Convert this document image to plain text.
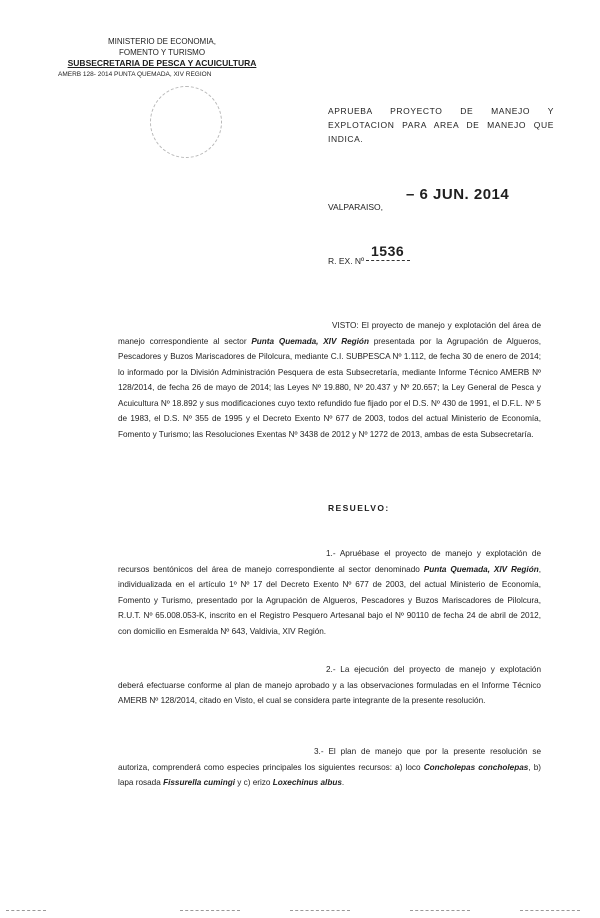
MINISTERIO DE ECONOMIA,
FOMENTO Y TURISMO
SUBSECRETARIA DE PESCA Y ACUICULTURA
AMERB 128- 2014 PUNTA QUEMADA, XIV REGION
APRUEBA PROYECTO DE MANEJO Y EXPLOTACION PARA AREA DE MANEJO QUE INDICA.
– 6 JUN. 2014
VALPARAISO,
1536
R. EX. Nº
VISTO: El proyecto de manejo y explotación del área de manejo correspondiente al sector Punta Quemada, XIV Región presentada por la Agrupación de Algueros, Pescadores y Buzos Mariscadores de Pilolcura, mediante C.I. SUBPESCA Nº 1.112, de fecha 30 de enero de 2014; lo informado por la División Administración Pesquera de esta Subsecretaría, mediante Informe Técnico AMERB Nº 128/2014, de fecha 26 de mayo de 2014; las Leyes Nº 19.880, Nº 20.437 y Nº 20.657; la Ley General de Pesca y Acuicultura Nº 18.892 y sus modificaciones cuyo texto refundido fue fijado por el D.S. Nº 430 de 1991, el D.F.L. Nº 5 de 1983, el D.S. Nº 355 de 1995 y el Decreto Exento Nº 677 de 2003, todos del actual Ministerio de Economía, Fomento y Turismo; las Resoluciones Exentas Nº 3438 de 2012 y Nº 1272 de 2013, ambas de esta Subsecretaría.
RESUELVO:
1.- Apruébase el proyecto de manejo y explotación de recursos bentónicos del área de manejo correspondiente al sector denominado Punta Quemada, XIV Región, individualizada en el artículo 1º Nº 17 del Decreto Exento Nº 677 de 2003, del actual Ministerio de Economía, Fomento y Turismo, presentado por la Agrupación de Algueros, Pescadores y Buzos Mariscadores de Pilolcura, R.U.T. Nº 65.008.053-K, inscrito en el Registro Pesquero Artesanal bajo el Nº 90110 de fecha 24 de abril de 2012, con domicilio en Esmeralda Nº 643, Valdivia, XIV Región.
2.- La ejecución del proyecto de manejo y explotación deberá efectuarse conforme al plan de manejo aprobado y a las observaciones formuladas en el Informe Técnico AMERB Nº 128/2014, citado en Visto, el cual se considera parte integrante de la presente resolución.
3.- El plan de manejo que por la presente resolución se autoriza, comprenderá como especies principales los siguientes recursos: a) loco Concholepas concholepas, b) lapa rosada Fissurella cumingi y c) erizo Loxechinus albus.
